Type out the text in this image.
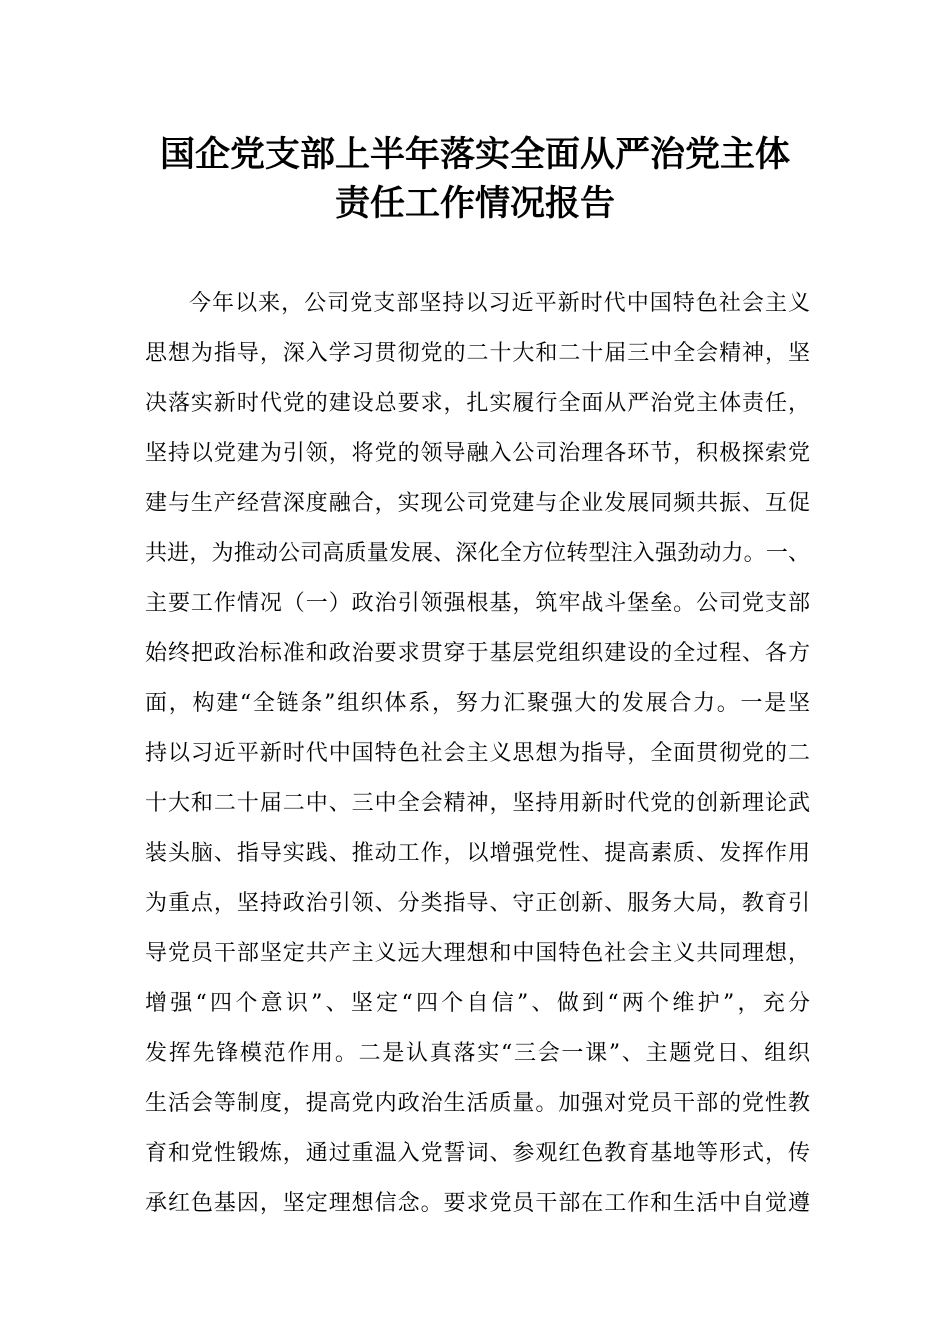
国企党支部上半年落实全面从严治党主体
责任工作情况报告
今年以来，公司党支部坚持以习近平新时代中国特色社会主义
思想为指导，深入学习贯彻党的二十大和二十届三中全会精神，坚
决落实新时代党的建设总要求，扎实履行全面从严治党主体责任，
坚持以党建为引领，将党的领导融入公司治理各环节，积极探索党
建与生产经营深度融合，实现公司党建与企业发展同频共振、互促
共进，为推动公司高质量发展、深化全方位转型注入强劲动力。一、
主要工作情况（一）政治引领强根基，筑牢战斗堡垒。公司党支部
始终把政治标准和政治要求贯穿于基层党组织建设的全过程、各方
面，构建“全链条”组织体系，努力汇聚强大的发展合力。一是坚
持以习近平新时代中国特色社会主义思想为指导，全面贯彻党的二
十大和二十届二中、三中全会精神，坚持用新时代党的创新理论武
装头脑、指导实践、推动工作，以增强党性、提高素质、发挥作用
为重点，坚持政治引领、分类指导、守正创新、服务大局，教育引
导党员干部坚定共产主义远大理想和中国特色社会主义共同理想，
增强“四个意识”、坚定“四个自信”、做到“两个维护”，充分
发挥先锋模范作用。二是认真落实“三会一课”、主题党日、组织
生活会等制度，提高党内政治生活质量。加强对党员干部的党性教
育和党性锻炼，通过重温入党誓词、参观红色教育基地等形式，传
承红色基因，坚定理想信念。要求党员干部在工作和生活中自觉遵
